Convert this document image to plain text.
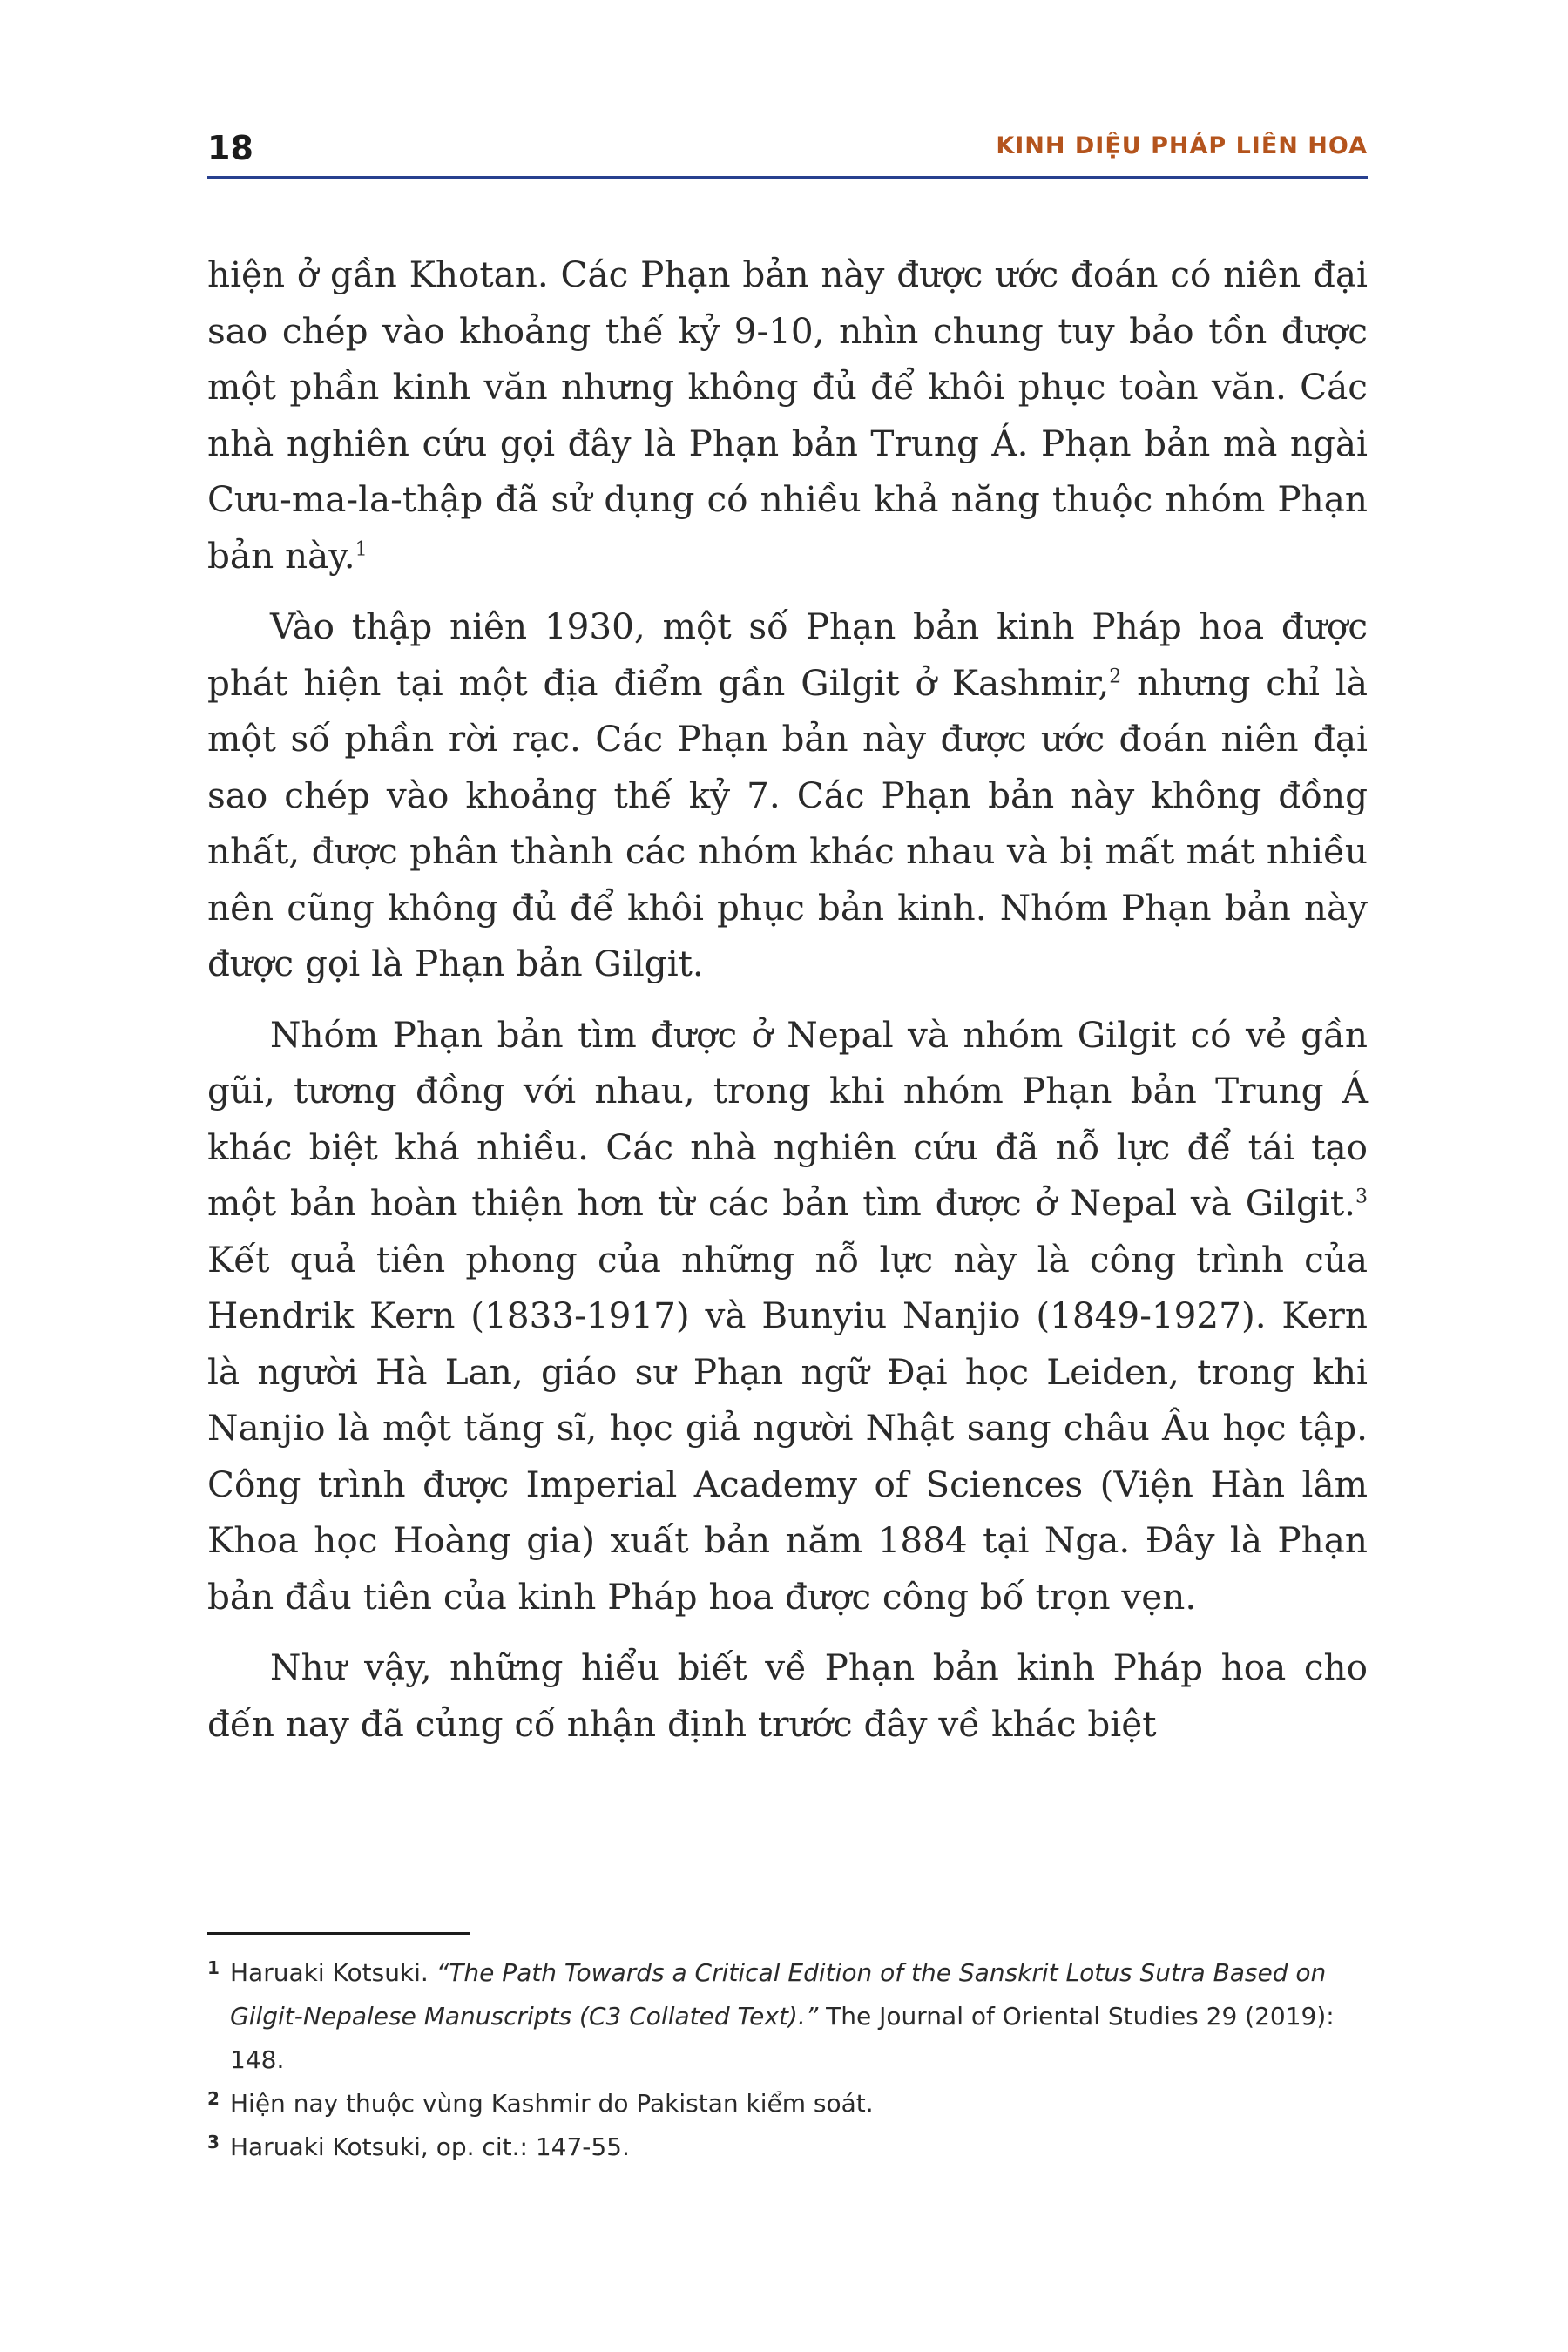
18	KINH DIỆU PHÁP LIÊN HOA

hiện ở gần Khotan. Các Phạn bản này được ước đoán có niên đại sao chép vào khoảng thế kỷ 9-10, nhìn chung tuy bảo tồn được một phần kinh văn nhưng không đủ để khôi phục toàn văn. Các nhà nghiên cứu gọi đây là Phạn bản Trung Á. Phạn bản mà ngài Cưu-ma-la-thập đã sử dụng có nhiều khả năng thuộc nhóm Phạn bản này.$^1$

Vào thập niên 1930, một số Phạn bản kinh Pháp hoa được phát hiện tại một địa điểm gần Gilgit ở Kashmir,$^2$ nhưng chỉ là một số phần rời rạc. Các Phạn bản này được ước đoán niên đại sao chép vào khoảng thế kỷ 7. Các Phạn bản này không đồng nhất, được phân thành các nhóm khác nhau và bị mất mát nhiều nên cũng không đủ để khôi phục bản kinh. Nhóm Phạn bản này được gọi là Phạn bản Gilgit.

Nhóm Phạn bản tìm được ở Nepal và nhóm Gilgit có vẻ gần gũi, tương đồng với nhau, trong khi nhóm Phạn bản Trung Á khác biệt khá nhiều. Các nhà nghiên cứu đã nỗ lực để tái tạo một bản hoàn thiện hơn từ các bản tìm được ở Nepal và Gilgit.$^3$ Kết quả tiên phong của những nỗ lực này là công trình của Hendrik Kern (1833-1917) và Bunyiu Nanjio (1849-1927). Kern là người Hà Lan, giáo sư Phạn ngữ Đại học Leiden, trong khi Nanjio là một tăng sĩ, học giả người Nhật sang châu Âu học tập. Công trình được Imperial Academy of Sciences (Viện Hàn lâm Khoa học Hoàng gia) xuất bản năm 1884 tại Nga. Đây là Phạn bản đầu tiên của kinh Pháp hoa được công bố trọn vẹn.

Như vậy, những hiểu biết về Phạn bản kinh Pháp hoa cho đến nay đã củng cố nhận định trước đây về khác biệt

1 Haruaki Kotsuki. “The Path Towards a Critical Edition of the Sanskrit Lotus Sutra Based on Gilgit-Nepalese Manuscripts (C3 Collated Text).” The Journal of Oriental Studies 29 (2019): 148.
2 Hiện nay thuộc vùng Kashmir do Pakistan kiểm soát.
3 Haruaki Kotsuki, op. cit.: 147-55.
